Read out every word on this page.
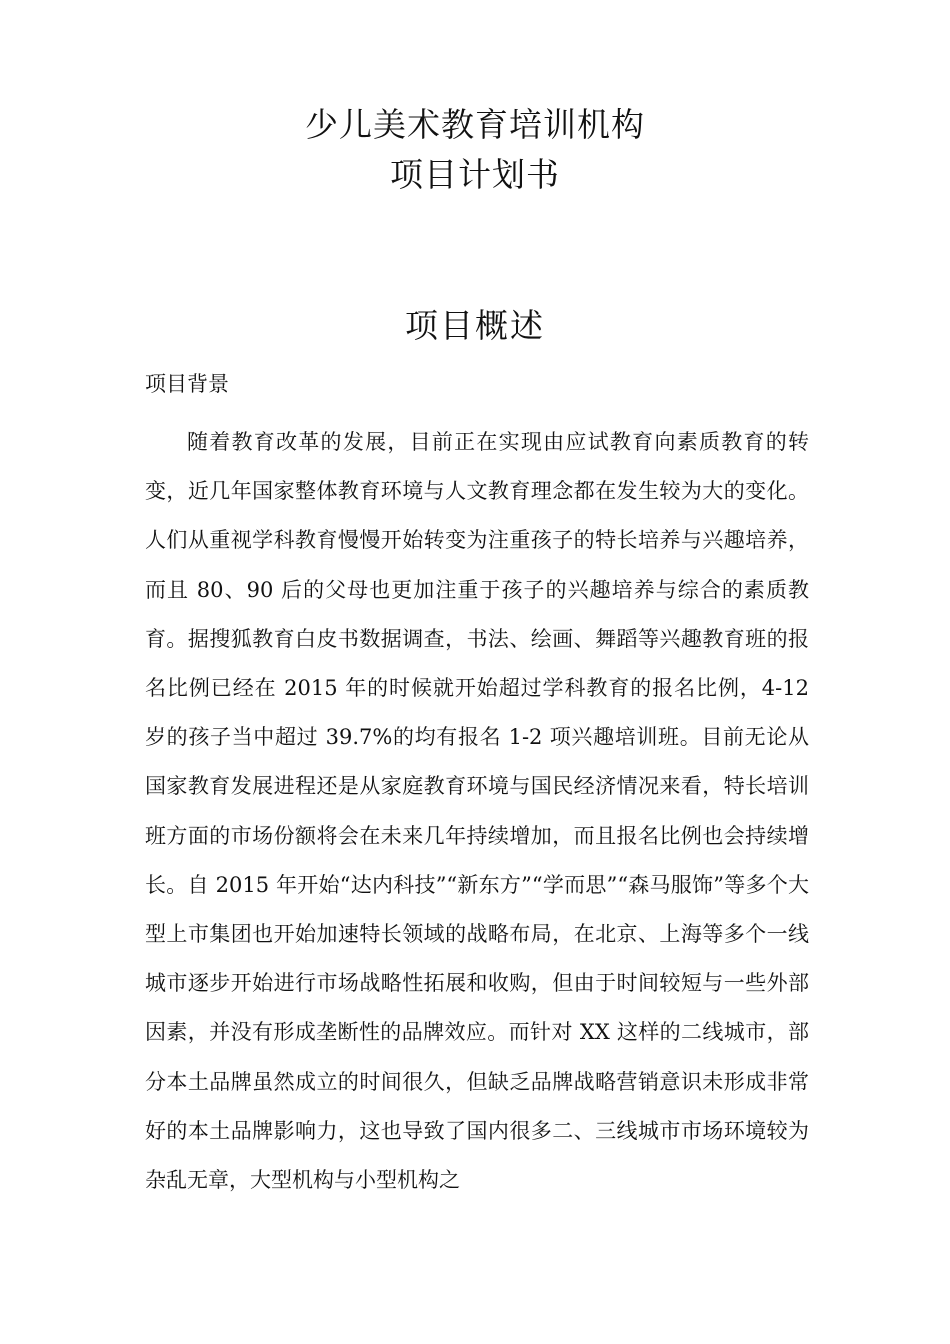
少儿美术教育培训机构
项目计划书
项目概述
项目背景

随着教育改革的发展，目前正在实现由应试教育向素质教育的转变，近几年国家整体教育环境与人文教育理念都在发生较为大的变化。人们从重视学科教育慢慢开始转变为注重孩子的特长培养与兴趣培养，而且 80、90 后的父母也更加注重于孩子的兴趣培养与综合的素质教育。据搜狐教育白皮书数据调查，书法、绘画、舞蹈等兴趣教育班的报名比例已经在 2015 年的时候就开始超过学科教育的报名比例，4-12 岁的孩子当中超过 39.7%的均有报名 1-2 项兴趣培训班。目前无论从国家教育发展进程还是从家庭教育环境与国民经济情况来看，特长培训班方面的市场份额将会在未来几年持续增加，而且报名比例也会持续增长。自 2015 年开始“达内科技”“新东方”“学而思”“森马服饰”等多个大型上市集团也开始加速特长领域的战略布局，在北京、上海等多个一线城市逐步开始进行市场战略性拓展和收购，但由于时间较短与一些外部因素，并没有形成垄断性的品牌效应。而针对 XX 这样的二线城市，部分本土品牌虽然成立的时间很久，但缺乏品牌战略营销意识未形成非常好的本土品牌影响力，这也导致了国内很多二、三线城市市场环境较为杂乱无章，大型机构与小型机构之
